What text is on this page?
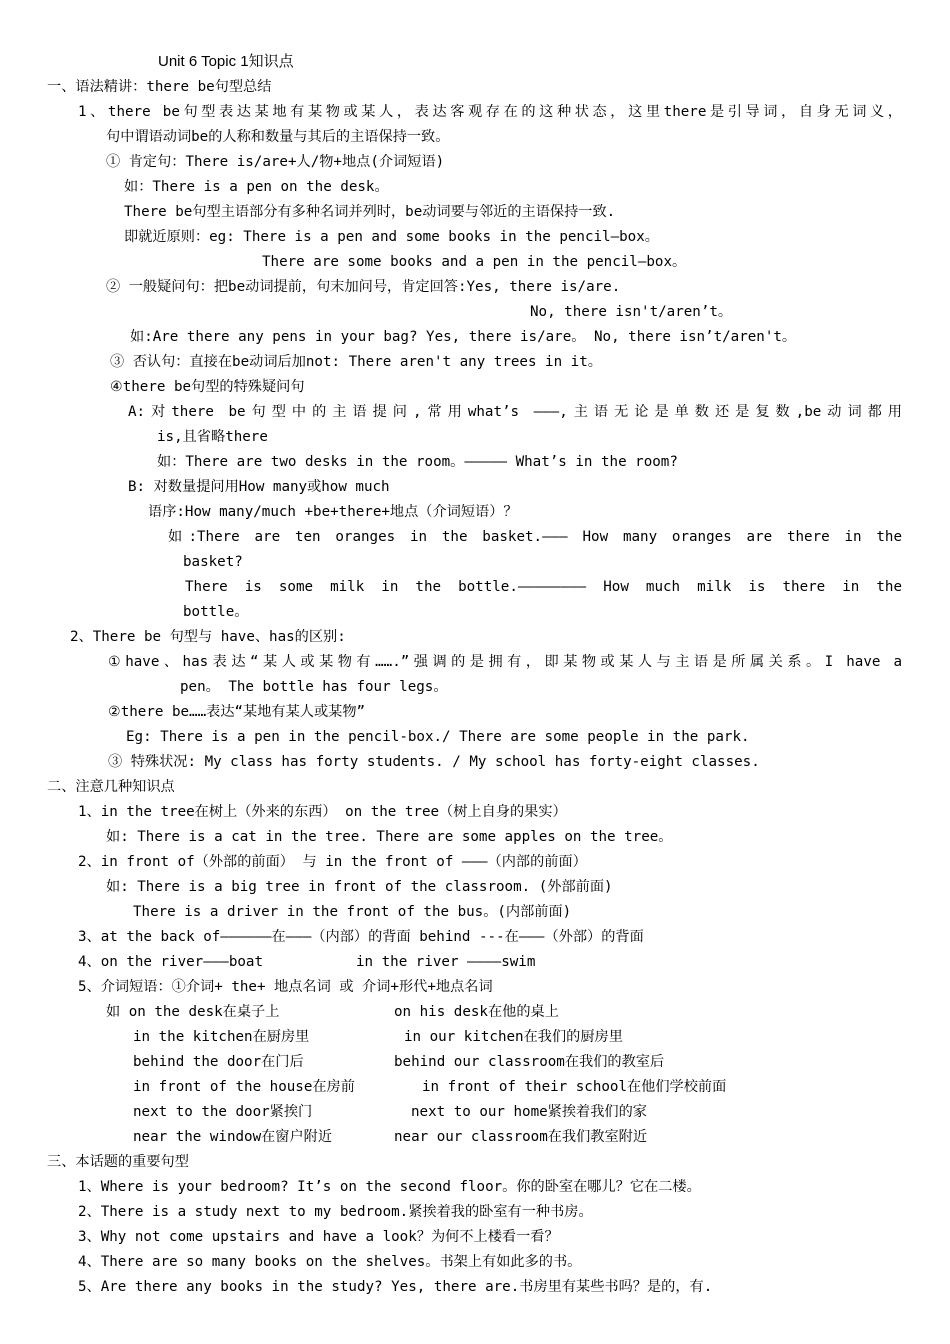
Unit 6 Topic 1知识点
一、语法精讲：there be句型总结
1、there be句型表达某地有某物或某人，表达客观存在的这种状态，这里there是引导词，自身无词义，
句中谓语动词be的人称和数量与其后的主语保持一致。
① 肯定句：There is/are+人/物+地点(介词短语)
如：There is a pen on the desk。
There be句型主语部分有多种名词并列时，be动词要与邻近的主语保持一致.
即就近原则：eg: There is a pen and some books in the pencil—box。
There are some books and a pen in the pencil—box。
② 一般疑问句：把be动词提前，句末加问号，肯定回答:Yes, there is/are.
No, there isn't/aren’t。
如:Are there any pens in your bag? Yes, there is/are。 No, there isn’t/aren't。
③ 否认句：直接在be动词后加not: There aren't any trees in it。
④there be句型的特殊疑问句
A:对there be句型中的主语提问,常用what’s ———,主语无论是单数还是复数,be动词都用
is,且省略there
如：There are two desks in the room。————— What’s in the room?
B: 对数量提问用How many或how much
语序:How many/much +be+there+地点（介词短语）？
如:There are ten oranges in the basket.——— How many oranges are there in the
basket?
There is some milk in the bottle.———————— How much milk is there in the
bottle。
2、There be 句型与 have、has的区别:
①have、has表达“某人或某物有…….”强调的是拥有，即某物或某人与主语是所属关系。I have a
pen。 The bottle has four legs。
②there be……表达“某地有某人或某物”
Eg: There is a pen in the pencil-box./ There are some people in the park.
③ 特殊状况: My class has forty students. / My school has forty-eight classes.
二、注意几种知识点
1、in the tree在树上（外来的东西） on the tree（树上自身的果实）
如: There is a cat in the tree. There are some apples on the tree。
2、in front of（外部的前面） 与 in the front of ———（内部的前面）
如: There is a big tree in front of the classroom. (外部前面)
There is a driver in the front of the bus。(内部前面)
3、at the back of——————在———（内部）的背面 behind ---在———（外部）的背面
4、on the river———boat	in the river ————swim
5、介词短语：①介词+ the+ 地点名词 或 介词+形代+地点名词
如 on the desk在桌子上	on his desk在他的桌上
in the kitchen在厨房里	in our kitchen在我们的厨房里
behind the door在门后	behind our classroom在我们的教室后
in front of the house在房前	in front of their school在他们学校前面
next to the door紧挨门	next to our home紧挨着我们的家
near the window在窗户附近	near our classroom在我们教室附近
三、本话题的重要句型
1、Where is your bedroom? It’s on the second floor。你的卧室在哪儿？它在二楼。
2、There is a study next to my bedroom.紧挨着我的卧室有一种书房。
3、Why not come upstairs and have a look？为何不上楼看一看？
4、There are so many books on the shelves。书架上有如此多的书。
5、Are there any books in the study? Yes, there are.书房里有某些书吗？是的，有.
